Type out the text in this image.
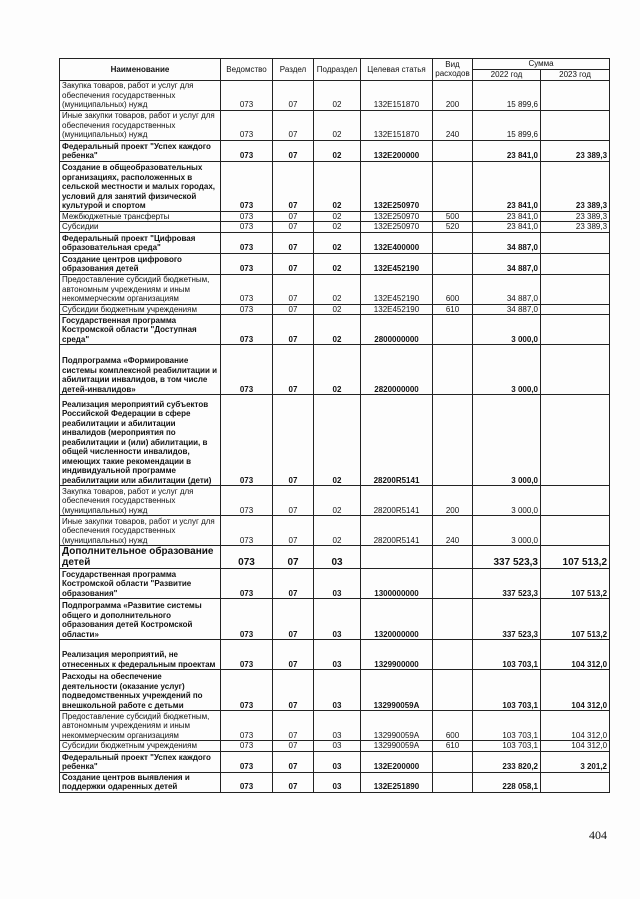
Наименование	Ведомство	Раздел	Подраздел	Целевая статья	Вид расходов	Сумма	
						2022 год	2023 год
Закупка товаров, работ и услуг для обеспечения государственных (муниципальных) нужд	073	07	02	132E151870	200	15 899,6	
Иные закупки товаров, работ и услуг для обеспечения государственных (муниципальных) нужд	073	07	02	132E151870	240	15 899,6	
Федеральный проект "Успех каждого ребенка"	073	07	02	132E200000		23 841,0	23 389,3
Создание в общеобразовательных организациях, расположенных в сельской местности и малых городах, условий для занятий физической культурой и спортом	073	07	02	132E250970		23 841,0	23 389,3
Межбюджетные трансферты	073	07	02	132E250970	500	23 841,0	23 389,3
Субсидии	073	07	02	132E250970	520	23 841,0	23 389,3
Федеральный проект "Цифровая образовательная среда"	073	07	02	132E400000		34 887,0	
Создание центров цифрового образования детей	073	07	02	132E452190		34 887,0	
Предоставление субсидий бюджетным, автономным учреждениям и иным некоммерческим организациям	073	07	02	132E452190	600	34 887,0	
Субсидии бюджетным учреждениям	073	07	02	132E452190	610	34 887,0	
Государственная программа Костромской области "Доступная среда"	073	07	02	2800000000		3 000,0	
Подпрограмма «Формирование системы комплексной реабилитации и абилитации инвалидов, в том числе детей-инвалидов»	073	07	02	2820000000		3 000,0	
Реализация мероприятий субъектов Российской Федерации в сфере реабилитации и абилитации инвалидов (мероприятия по реабилитации и (или) абилитации, в общей численности инвалидов, имеющих такие рекомендации в индивидуальной программе реабилитации или абилитации (дети)	073	07	02	28200R5141		3 000,0	
Закупка товаров, работ и услуг для обеспечения государственных (муниципальных) нужд	073	07	02	28200R5141	200	3 000,0	
Иные закупки товаров, работ и услуг для обеспечения государственных (муниципальных) нужд	073	07	02	28200R5141	240	3 000,0	
Дополнительное образование детей	073	07	03			337 523,3	107 513,2
Государственная программа Костромской области "Развитие образования"	073	07	03	1300000000		337 523,3	107 513,2
Подпрограмма «Развитие системы общего и дополнительного образования детей Костромской области»	073	07	03	1320000000		337 523,3	107 513,2
Реализация мероприятий, не отнесенных к федеральным проектам	073	07	03	1329900000		103 703,1	104 312,0
Расходы на обеспечение деятельности (оказание услуг) подведомственных учреждений по внешкольной работе с детьми	073	07	03	132990059А		103 703,1	104 312,0
Предоставление субсидий бюджетным, автономным учреждениям и иным некоммерческим организациям	073	07	03	132990059А	600	103 703,1	104 312,0
Субсидии бюджетным учреждениям	073	07	03	132990059А	610	103 703,1	104 312,0
Федеральный проект "Успех каждого ребенка"	073	07	03	132E200000		233 820,2	3 201,2
Создание центров выявления и поддержки одаренных детей	073	07	03	132E251890		228 058,1	
404
